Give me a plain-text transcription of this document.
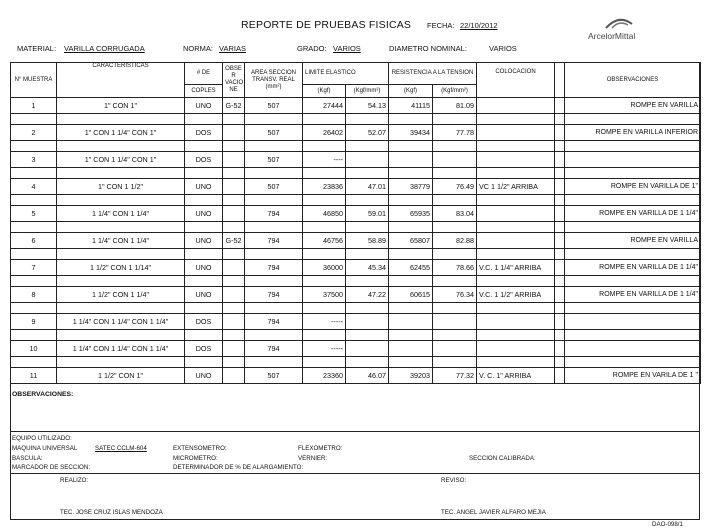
REPORTE DE PRUEBAS FISICAS FECHA: 22/10/2012
ArcelorMittal
MATERIAL: VARILLA CORRUGADA	NORMA: VARIAS	GRADO: VARIOS	DIAMETRO NOMINAL:	VARIOS
N° MUESTRA	CARACTERISTICAS	# DE	OBSE R VACIO NE	AREA SECCION TRANSV. REAL (mm²)	LIMITE ELASTICO		RESISTENCIA A LA TENSION		COLOCACION		OBSERVACIONES
		COPLES			(Kgf)	(Kgf/mm²)	(Kgf)	(Kgf/mm²)			
1	1" CON 1"	UNO	G-52	507	27444	54.13	41115	81.09			ROMPE EN VARILLA

2	1" CON 1 1/4" CON 1"	DOS		507	26402	52.07	39434	77.78			ROMPE EN VARILLA INFERIOR

3	1" CON 1 1/4" CON 1"	DOS		507	----						

4	1" CON 1 1/2"	UNO		507	23836	47.01	38779	76.49	VC 1 1/2" ARRIBA		ROMPE EN VARILLA DE 1"

5	1 1/4" CON 1 1/4"	UNO		794	46850	59.01	65935	83.04			ROMPE EN VARILLA DE 1 1/4"

6	1 1/4" CON 1 1/4"	UNO	G-52	794	46756	58.89	65807	82.88			ROMPE EN VARILLA

7	1 1/2" CON 1 1/14"	UNO		794	36000	45.34	62455	78.66	V.C. 1 1/4" ARRIBA		ROMPE EN VARILLA DE 1 1/4"

8	1 1/2" CON 1 1/4"	UNO		794	37500	47.22	60615	76.34	V.C. 1 1/2" ARRIBA		ROMPE EN VARILLA DE 1 1/4"

9	1 1/4" CON 1 1/4" CON 1 1/4"	DOS		794	-----						

10	1 1/4" CON 1 1/4" CON 1 1/4"	DOS		794	-----						

11	1 1/2" CON 1"	UNO		507	23360	46.07	39203	77.32	V. C. 1" ARRIBA		ROMPE EN VARILA DE 1 "
OBSERVACIONES:
EQUIPO UTILIZADO:
MAQUINA UNIVERSAL	SATEC CCLM-604	EXTENSOMETRO:	FLEXOMETRO:
BASCULA:	MICROMETRO:	VERNIER:	SECCION CALIBRADA:
MARCADOR DE SECCION:	DETERMINADOR DE % DE ALARGAMIENTO:
REALIZO:	REVISO:
TEC. JOSE CRUZ ISLAS MENDOZA	TEC. ANGEL JAVIER ALFARO MEJIA
DAO-098/1
